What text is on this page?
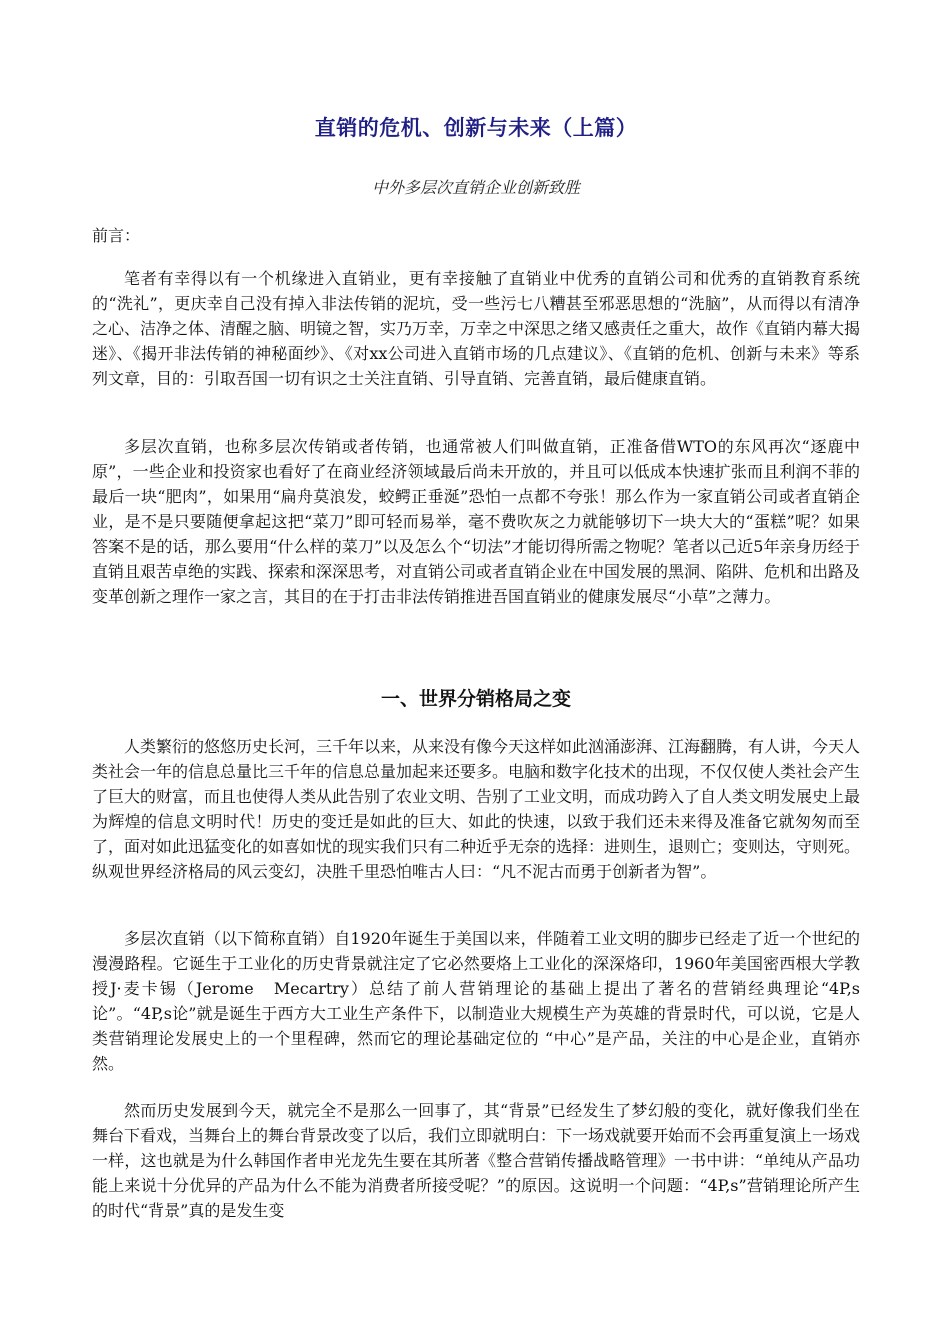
直销的危机、创新与未来（上篇）
中外多层次直销企业创新致胜
前言：

笔者有幸得以有一个机缘进入直销业，更有幸接触了直销业中优秀的直销公司和优秀的直销教育系统的“洗礼”，更庆幸自己没有掉入非法传销的泥坑，受一些污七八糟甚至邪恶思想的“洗脑”，从而得以有清净之心、洁净之体、清醒之脑、明镜之智，实乃万幸，万幸之中深思之绪又感责任之重大，故作《直销内幕大揭迷》、《揭开非法传销的神秘面纱》、《对xx公司进入直销市场的几点建议》、《直销的危机、创新与未来》等系列文章，目的：引取吾国一切有识之士关注直销、引导直销、完善直销，最后健康直销。

多层次直销，也称多层次传销或者传销，也通常被人们叫做直销，正准备借WTO的东风再次“逐鹿中原”，一些企业和投资家也看好了在商业经济领域最后尚未开放的，并且可以低成本快速扩张而且利润不菲的最后一块“肥肉”，如果用“扁舟莫浪发，蛟鳄正垂涎”恐怕一点都不夸张！那么作为一家直销公司或者直销企业，是不是只要随便拿起这把“菜刀”即可轻而易举，毫不费吹灰之力就能够切下一块大大的“蛋糕”呢？如果答案不是的话，那么要用“什么样的菜刀”以及怎么个“切法”才能切得所需之物呢？笔者以己近5年亲身历经于直销且艰苦卓绝的实践、探索和深深思考，对直销公司或者直销企业在中国发展的黑洞、陷阱、危机和出路及变革创新之理作一家之言，其目的在于打击非法传销推进吾国直销业的健康发展尽“小草”之薄力。

一、世界分销格局之变

人类繁衍的悠悠历史长河，三千年以来，从来没有像今天这样如此汹涌澎湃、江海翻腾，有人讲，今天人类社会一年的信息总量比三千年的信息总量加起来还要多。电脑和数字化技术的出现，不仅仅使人类社会产生了巨大的财富，而且也使得人类从此告别了农业文明、告别了工业文明，而成功跨入了自人类文明发展史上最为辉煌的信息文明时代！历史的变迁是如此的巨大、如此的快速，以致于我们还未来得及准备它就匆匆而至了，面对如此迅猛变化的如喜如忧的现实我们只有二种近乎无奈的选择：进则生，退则亡；变则达，守则死。纵观世界经济格局的风云变幻，决胜千里恐怕唯古人曰：“凡不泥古而勇于创新者为智”。

多层次直销（以下简称直销）自1920年诞生于美国以来，伴随着工业文明的脚步已经走了近一个世纪的漫漫路程。它诞生于工业化的历史背景就注定了它必然要烙上工业化的深深烙印，1960年美国密西根大学教授J·麦卡锡（Jerome　Mecartry）总结了前人营销理论的基础上提出了著名的营销经典理论“4P,s论”。“4P,s论”就是诞生于西方大工业生产条件下，以制造业大规模生产为英雄的背景时代，可以说，它是人类营销理论发展史上的一个里程碑，然而它的理论基础定位的 “中心”是产品，关注的中心是企业，直销亦然。

然而历史发展到今天，就完全不是那么一回事了，其“背景”已经发生了梦幻般的变化，就好像我们坐在舞台下看戏，当舞台上的舞台背景改变了以后，我们立即就明白：下一场戏就要开始而不会再重复演上一场戏一样，这也就是为什么韩国作者申光龙先生要在其所著《整合营销传播战略管理》一书中讲：“单纯从产品功能上来说十分优异的产品为什么不能为消费者所接受呢？”的原因。这说明一个问题：“4P,s”营销理论所产生的时代“背景”真的是发生变
